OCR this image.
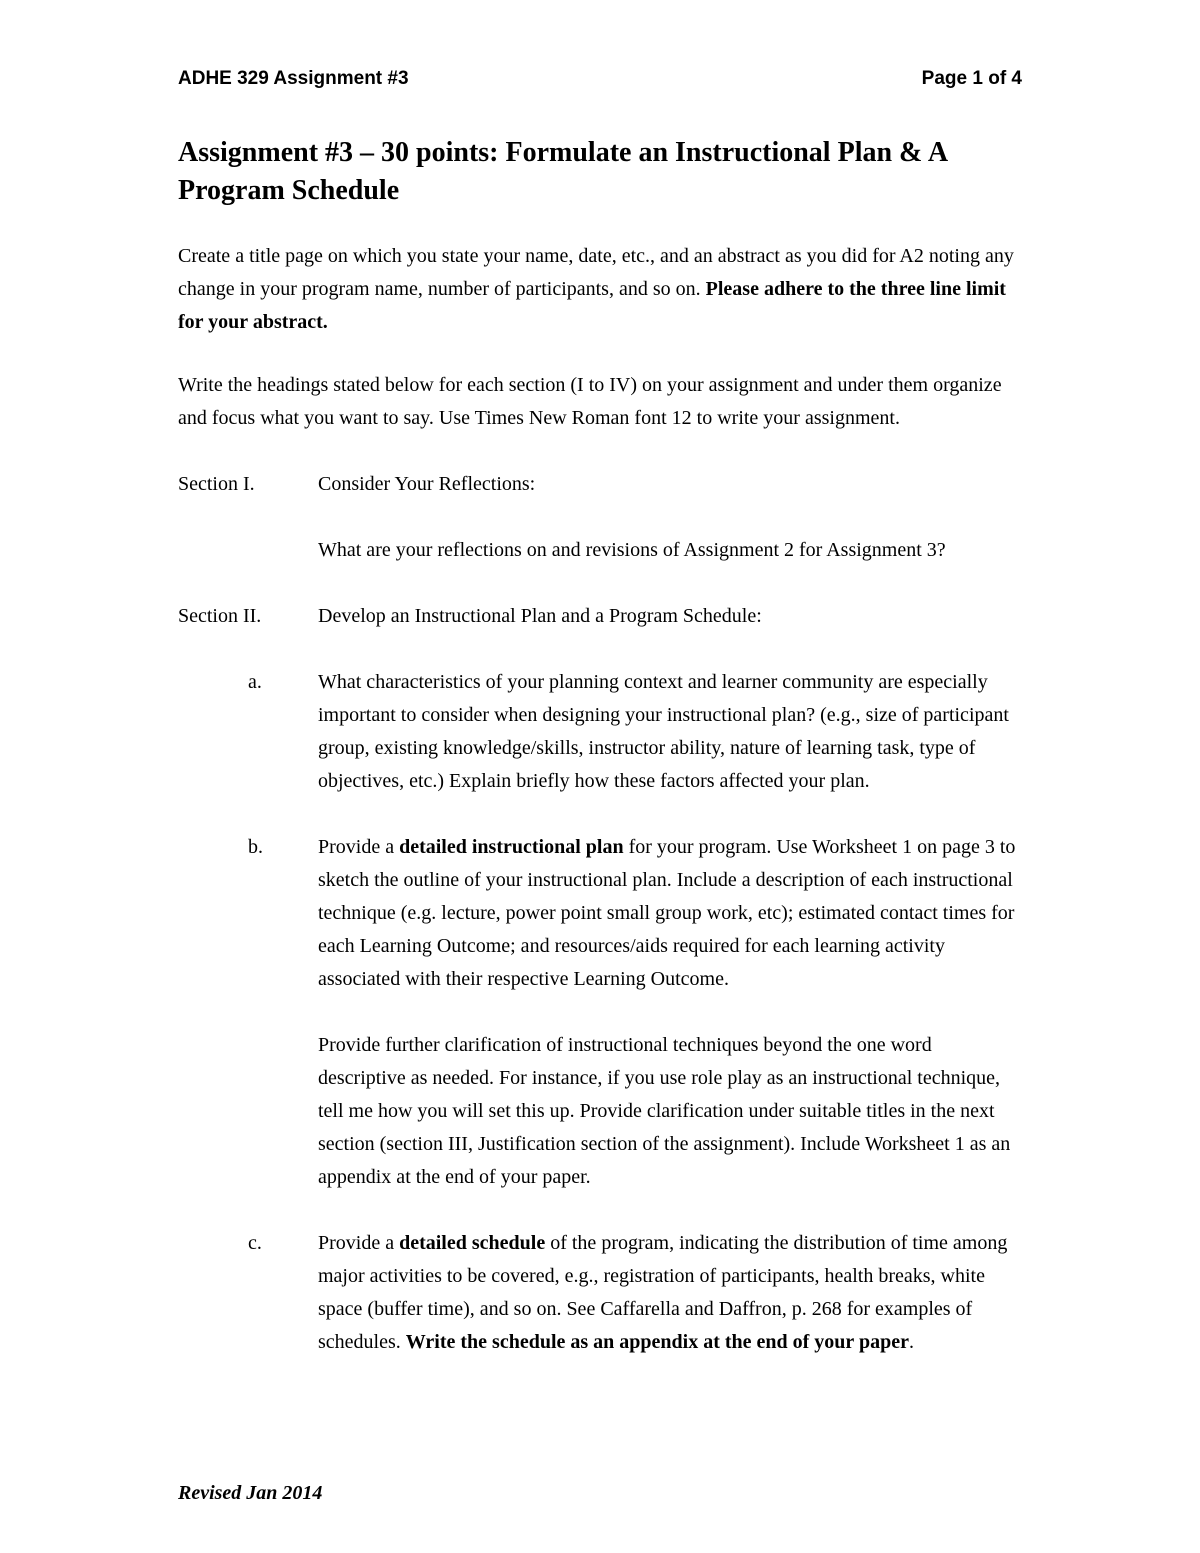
ADHE 329 Assignment #3	Page 1 of 4
Assignment #3 – 30 points: Formulate an Instructional Plan & A Program Schedule

Create a title page on which you state your name, date, etc., and an abstract as you did for A2 noting any change in your program name, number of participants, and so on. Please adhere to the three line limit for your abstract.

Write the headings stated below for each section (I to IV) on your assignment and under them organize and focus what you want to say. Use Times New Roman font 12 to write your assignment.

Section I.	Consider Your Reflections:

What are your reflections on and revisions of Assignment 2 for Assignment 3?

Section II.	Develop an Instructional Plan and a Program Schedule:
a.	What characteristics of your planning context and learner community are especially important to consider when designing your instructional plan? (e.g., size of participant group, existing knowledge/skills, instructor ability, nature of learning task, type of objectives, etc.) Explain briefly how these factors affected your plan.

b.	Provide a detailed instructional plan for your program. Use Worksheet 1 on page 3 to sketch the outline of your instructional plan. Include a description of each instructional technique (e.g. lecture, power point small group work, etc); estimated contact times for each Learning Outcome; and resources/aids required for each learning activity associated with their respective Learning Outcome.

Provide further clarification of instructional techniques beyond the one word descriptive as needed. For instance, if you use role play as an instructional technique, tell me how you will set this up. Provide clarification under suitable titles in the next section (section III, Justification section of the assignment). Include Worksheet 1 as an appendix at the end of your paper.

c.	Provide a detailed schedule of the program, indicating the distribution of time among major activities to be covered, e.g., registration of participants, health breaks, white space (buffer time), and so on. See Caffarella and Daffron, p. 268 for examples of schedules. Write the schedule as an appendix at the end of your paper.

Revised Jan 2014
